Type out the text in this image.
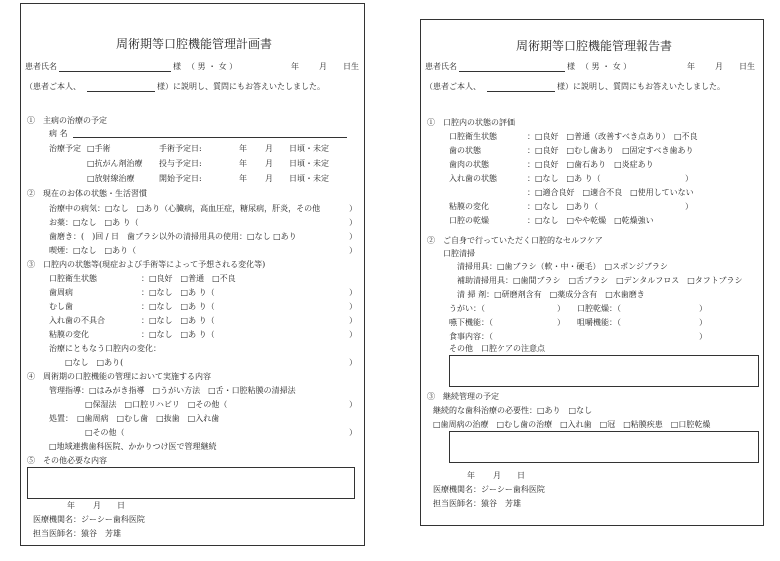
周術期等口腔機能管理計画書
患者氏名	様 （ 男 ・ 女 ）	年	月 日生
（患者ご本人、	様）に説明し、質問にもお答えいたしました。
①　主病の治療の予定
病 名
治療予定 □手術	手術予定日:	年 月 日頃・未定
□抗がん剤治療 投与予定日:	年 月 日頃・未定
□放射線治療	開始予定日:	年 月 日頃・未定
②　現在のお体の状態・生活習慣
治療中の病気：□なし　□あり（心臓病，高血圧症，糖尿病，肝炎，その他	）
お薬：□なし　□あ り（	）
歯磨き：(　)回 / 日　歯ブラシ以外の清掃用具の使用：□なし □あり	）
喫煙：□なし　□あり（	）
③　口腔内の状態等(現症および手術等によって予想される変化等)
口腔衛生状態	：□良好　□普通　□不良
歯周病	：□なし　□あ り（	）
むし歯	：□なし　□あ り（	）
入れ歯の不具合	：□なし　□あ り（	）
粘膜の変化	：□なし　□あ り（	）
治療にともなう口腔内の変化：
□なし　□あり(	）
④　周術期の口腔機能の管理において実施する内容
管理指導：□はみがき指導　□うがい方法　□舌・口腔粘膜の清掃法
□保湿法　□口腔リハビリ　□その他（	）
処置：　□歯周病　□むし歯　□抜歯　□入れ歯
□その他（	）
□地域連携歯科医院、かかりつけ医で管理継続
⑤　その他必要な内容
年 月 日
医療機関名：ジーシー歯科医院
担当医師名：猿谷　芳雄
周術期等口腔機能管理報告書
患者氏名	様 （ 男 ・ 女 ）	年	月 日生
（患者ご本人、	様）に説明し、質問にもお答えいたしました。
①　口腔内の状態の評価
口腔衛生状態	：□良好　□普通（改善すべき点あり）　□不良
歯の状態	：□良好　□むし歯あり　□固定すべき歯あり
歯肉の状態	：□良好　□歯石あり　□炎症あり
入れ歯の状態	：□なし　□あ り（	）
：□適合良好　□適合不良　□使用していない
粘膜の変化	：□なし　□あり（	）
口腔の乾燥	：□なし　□やや乾燥　□乾燥強い
②　ご自身で行っていただく口腔的なセルフケア
口腔清掃
清掃用具：□歯ブラシ（軟・中・硬毛）　□スポンジブラシ
補助清掃用具：□歯間ブラシ　□舌ブラシ　□デンタルフロス　□タフトブラシ
清 掃 剤：□研磨剤含有　□薬成分含有　□水歯磨き
うがい：（	） 口腔乾燥：（	）
嚥下機能：（	） 咀嚼機能：（	）
食事内容：（	）
その他　口腔ケアの注意点
③　継続管理の予定
継続的な歯科治療の必要性：□あり　□なし
□歯周病の治療　□むし歯の治療　□入れ歯　□冠　□粘膜疾患　□口腔乾燥
年 月 日
医療機関名：ジーシー歯科医院
担当医師名：猿谷　芳雄
